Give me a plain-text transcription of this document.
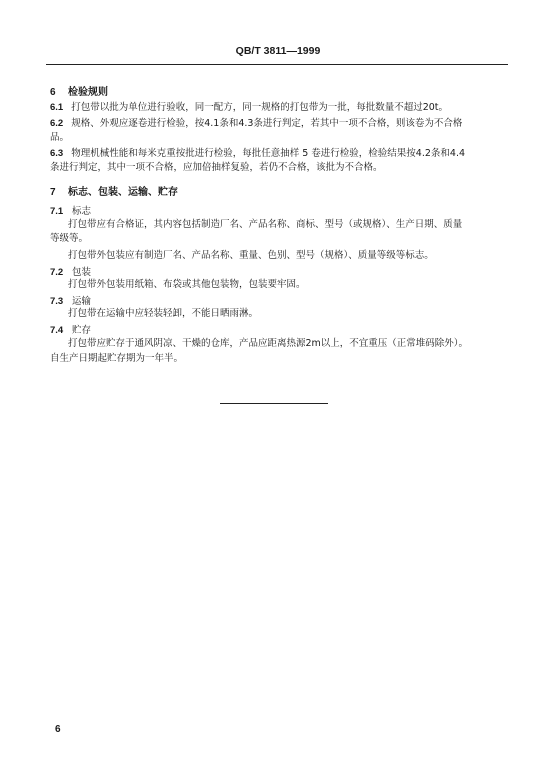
QB/T 3811—1999
6 检验规则
6.1 打包带以批为单位进行验收，同一配方，同一规格的打包带为一批，每批数量不超过20t。
6.2 规格、外观应逐卷进行检验，按4.1条和4.3条进行判定，若其中一项不合格，则该卷为不合格
品。
6.3 物理机械性能和每米克重按批进行检验，每批任意抽样 5 卷进行检验，检验结果按4.2条和4.4
条进行判定，其中一项不合格，应加倍抽样复验，若仍不合格，该批为不合格。
7 标志、包装、运输、贮存
7.1 标志
打包带应有合格证，其内容包括制造厂名、产品名称、商标、型号（或规格）、生产日期、质量
等级等。
打包带外包装应有制造厂名、产品名称、重量、色别、型号（规格）、质量等级等标志。
7.2 包装
打包带外包装用纸箱、布袋或其他包装物，包装要牢固。
7.3 运输
打包带在运输中应轻装轻卸，不能日晒雨淋。
7.4 贮存
打包带应贮存于通风阴凉、干燥的仓库，产品应距离热源2m以上，不宜重压（正常堆码除外）。
自生产日期起贮存期为一年半。
6
